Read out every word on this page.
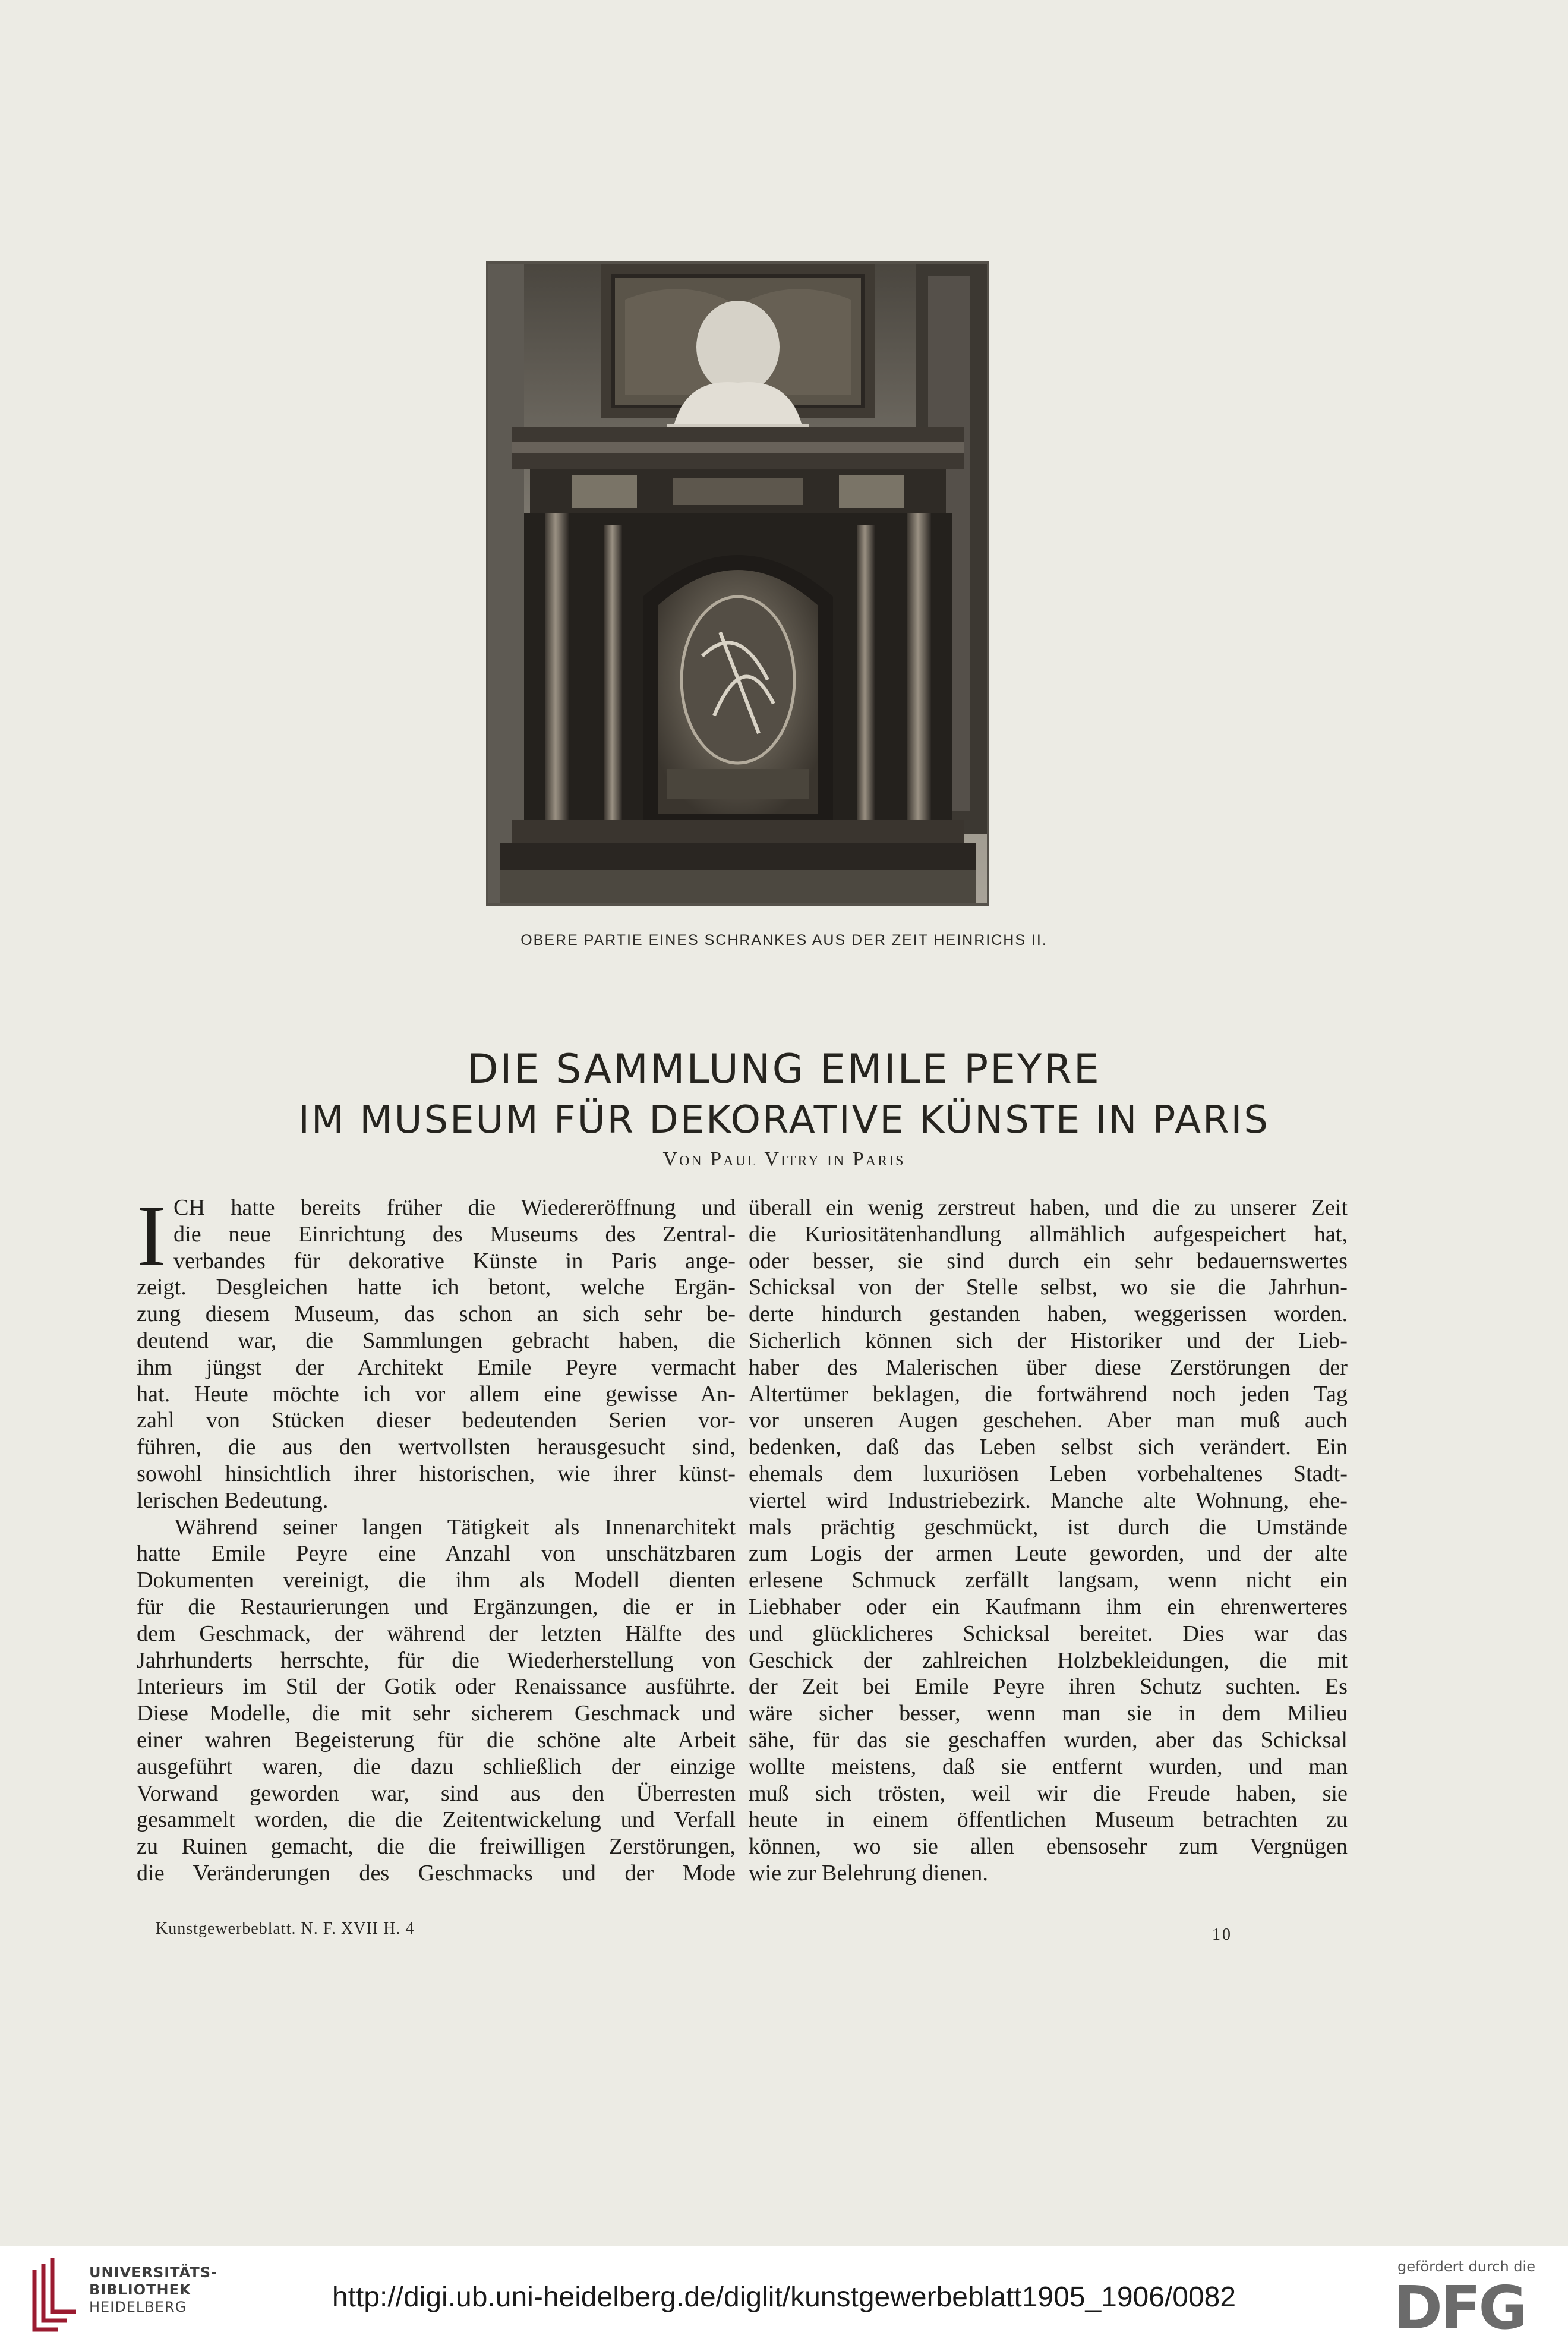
OBERE PARTIE EINES SCHRANKES AUS DER ZEIT HEINRICHS II.
DIE SAMMLUNG EMILE PEYRE
IM MUSEUM FÜR DEKORATIVE KÜNSTE IN PARIS
Von Paul Vitry in Paris
I CH hatte bereits früher die Wiedereröffnung und
die neue Einrichtung des Museums des Zentral-
verbandes für dekorative Künste in Paris ange-
zeigt. Desgleichen hatte ich betont, welche Ergän-
zung diesem Museum, das schon an sich sehr be-
deutend war, die Sammlungen gebracht haben, die
ihm jüngst der Architekt Emile Peyre vermacht
hat. Heute möchte ich vor allem eine gewisse An-
zahl von Stücken dieser bedeutenden Serien vor-
führen, die aus den wertvollsten herausgesucht sind,
sowohl hinsichtlich ihrer historischen, wie ihrer künst-
lerischen Bedeutung.
Während seiner langen Tätigkeit als Innenarchitekt
hatte Emile Peyre eine Anzahl von unschätzbaren
Dokumenten vereinigt, die ihm als Modell dienten
für die Restaurierungen und Ergänzungen, die er in
dem Geschmack, der während der letzten Hälfte des
Jahrhunderts herrschte, für die Wiederherstellung von
Interieurs im Stil der Gotik oder Renaissance ausführte.
Diese Modelle, die mit sehr sicherem Geschmack und
einer wahren Begeisterung für die schöne alte Arbeit
ausgeführt waren, die dazu schließlich der einzige
Vorwand geworden war, sind aus den Überresten
gesammelt worden, die die Zeitentwickelung und Verfall
zu Ruinen gemacht, die die freiwilligen Zerstörungen,
die Veränderungen des Geschmacks und der Mode
überall ein wenig zerstreut haben, und die zu unserer Zeit
die Kuriositätenhandlung allmählich aufgespeichert hat,
oder besser, sie sind durch ein sehr bedauernswertes
Schicksal von der Stelle selbst, wo sie die Jahrhun-
derte hindurch gestanden haben, weggerissen worden.
Sicherlich können sich der Historiker und der Lieb-
haber des Malerischen über diese Zerstörungen der
Altertümer beklagen, die fortwährend noch jeden Tag
vor unseren Augen geschehen. Aber man muß auch
bedenken, daß das Leben selbst sich verändert. Ein
ehemals dem luxuriösen Leben vorbehaltenes Stadt-
viertel wird Industriebezirk. Manche alte Wohnung, ehe-
mals prächtig geschmückt, ist durch die Umstände
zum Logis der armen Leute geworden, und der alte
erlesene Schmuck zerfällt langsam, wenn nicht ein
Liebhaber oder ein Kaufmann ihm ein ehrenwerteres
und glücklicheres Schicksal bereitet. Dies war das
Geschick der zahlreichen Holzbekleidungen, die mit
der Zeit bei Emile Peyre ihren Schutz suchten. Es
wäre sicher besser, wenn man sie in dem Milieu
sähe, für das sie geschaffen wurden, aber das Schicksal
wollte meistens, daß sie entfernt wurden, und man
muß sich trösten, weil wir die Freude haben, sie
heute in einem öffentlichen Museum betrachten zu
können, wo sie allen ebensosehr zum Vergnügen
wie zur Belehrung dienen.
Kunstgewerbeblatt. N. F. XVII H. 4	10
UNIVERSITÄTS-
BIBLIOTHEK
HEIDELBERG	http://digi.ub.uni-heidelberg.de/diglit/kunstgewerbeblatt1905_1906/0082
gefördert durch die
DFG
